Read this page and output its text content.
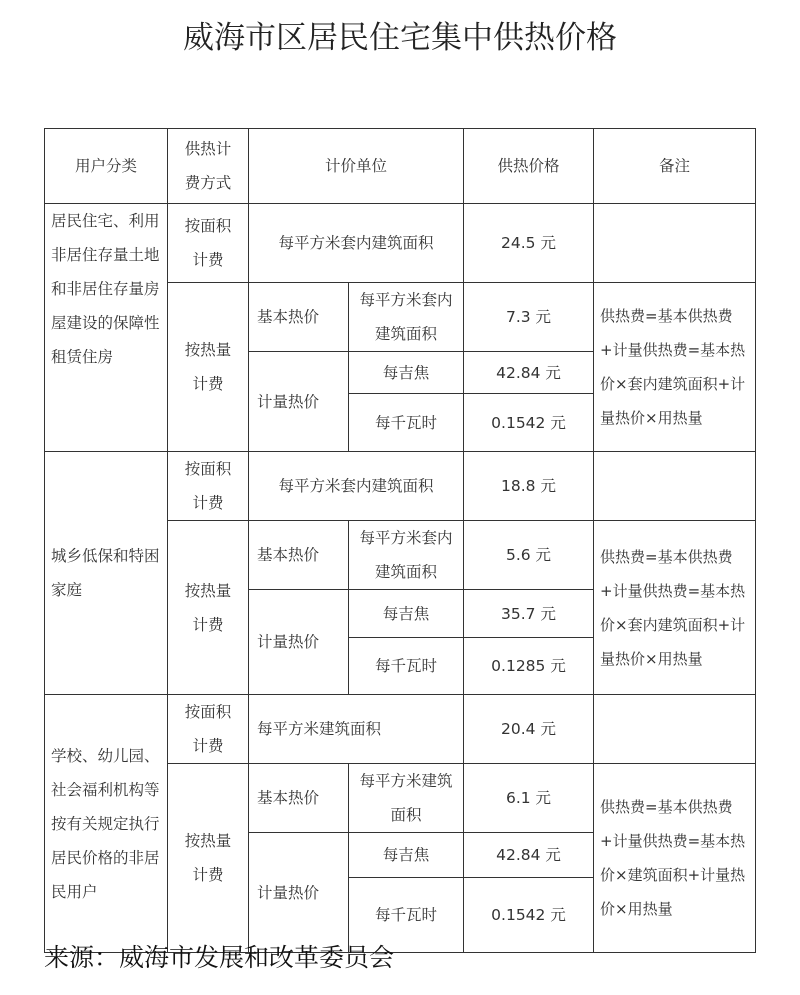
威海市区居民住宅集中供热价格
用户分类	供热计费方式	计价单位		供热价格	备注
居民住宅、利用非居住存量土地和非居住存量房屋建设的保障性租赁住房	按面积计费	每平方米套内建筑面积		24.5 元	
	按热量计费	基本热价	每平方米套内建筑面积	7.3 元	供热费=基本供热费+计量供热费=基本热价×套内建筑面积+计量热价×用热量
		计量热价	每吉焦	42.84 元	
			每千瓦时	0.1542 元	
城乡低保和特困家庭	按面积计费	每平方米套内建筑面积		18.8 元	
	按热量计费	基本热价	每平方米套内建筑面积	5.6 元	供热费=基本供热费+计量供热费=基本热价×套内建筑面积+计量热价×用热量
		计量热价	每吉焦	35.7 元	
			每千瓦时	0.1285 元	
学校、幼儿园、社会福利机构等按有关规定执行居民价格的非居民用户	按面积计费	每平方米建筑面积		20.4 元	
	按热量计费	基本热价	每平方米建筑面积	6.1 元	供热费=基本供热费+计量供热费=基本热价×建筑面积+计量热价×用热量
		计量热价	每吉焦	42.84 元	
			每千瓦时	0.1542 元	
来源：威海市发展和改革委员会
